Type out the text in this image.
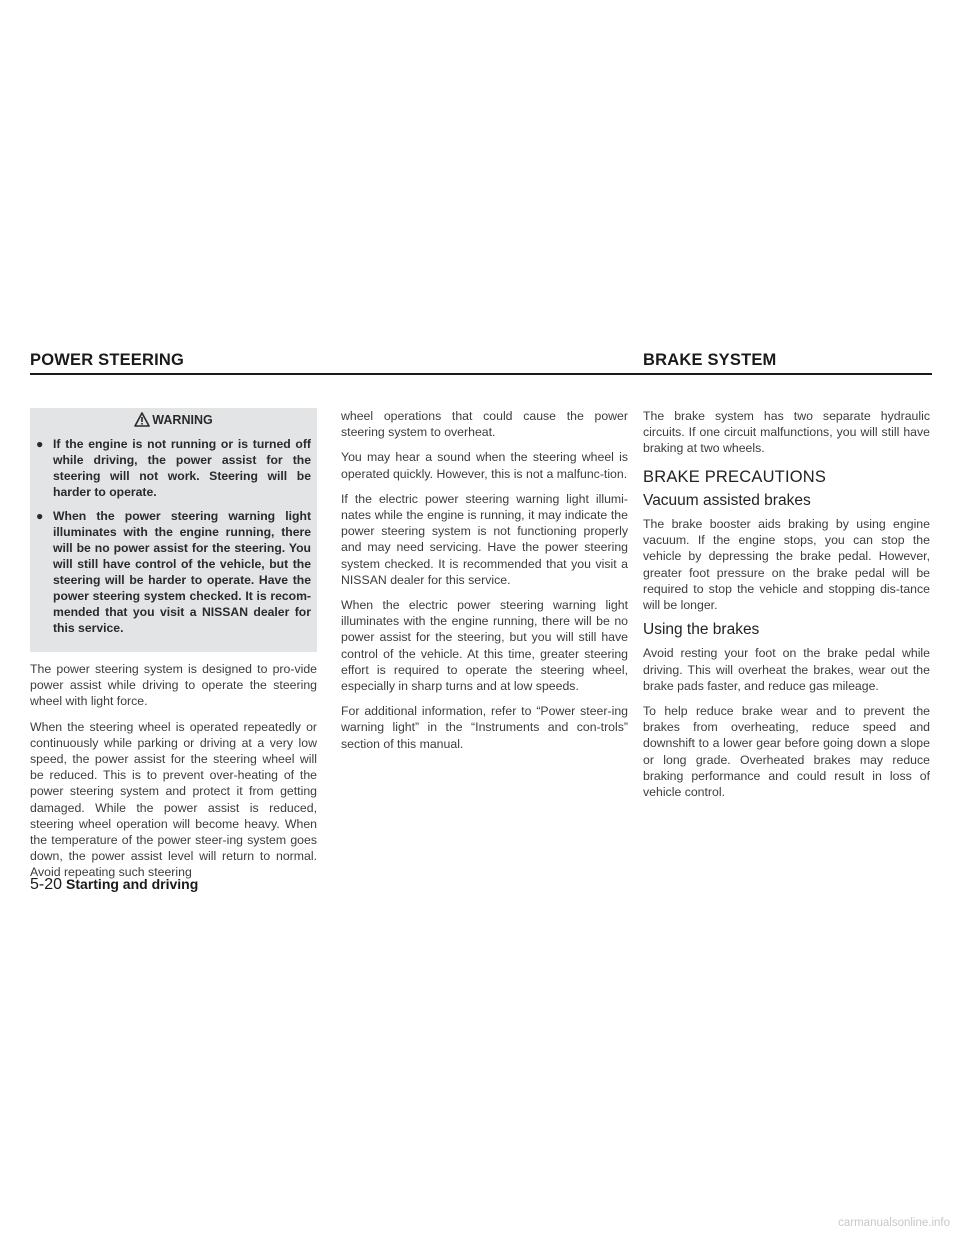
POWER STEERING	BRAKE SYSTEM
WARNING
● If the engine is not running or is turned off while driving, the power assist for the steering will not work. Steering will be harder to operate.
● When the power steering warning light illuminates with the engine running, there will be no power assist for the steering. You will still have control of the vehicle, but the steering will be harder to operate. Have the power steering system checked. It is recom-mended that you visit a NISSAN dealer for this service.

The power steering system is designed to pro-vide power assist while driving to operate the steering wheel with light force.

When the steering wheel is operated repeatedly or continuously while parking or driving at a very low speed, the power assist for the steering wheel will be reduced. This is to prevent over-heating of the power steering system and protect it from getting damaged. While the power assist is reduced, steering wheel operation will become heavy. When the temperature of the power steer-ing system goes down, the power assist level will return to normal. Avoid repeating such steering

wheel operations that could cause the power steering system to overheat.

You may hear a sound when the steering wheel is operated quickly. However, this is not a malfunc-tion.

If the electric power steering warning light illumi-nates while the engine is running, it may indicate the power steering system is not functioning properly and may need servicing. Have the power steering system checked. It is recommended that you visit a NISSAN dealer for this service.

When the electric power steering warning light illuminates with the engine running, there will be no power assist for the steering, but you will still have control of the vehicle. At this time, greater steering effort is required to operate the steering wheel, especially in sharp turns and at low speeds.

For additional information, refer to “Power steer-ing warning light” in the “Instruments and con-trols” section of this manual.

The brake system has two separate hydraulic circuits. If one circuit malfunctions, you will still have braking at two wheels.

BRAKE PRECAUTIONS
Vacuum assisted brakes

The brake booster aids braking by using engine vacuum. If the engine stops, you can stop the vehicle by depressing the brake pedal. However, greater foot pressure on the brake pedal will be required to stop the vehicle and stopping dis-tance will be longer.

Using the brakes

Avoid resting your foot on the brake pedal while driving. This will overheat the brakes, wear out the brake pads faster, and reduce gas mileage.

To help reduce brake wear and to prevent the brakes from overheating, reduce speed and downshift to a lower gear before going down a slope or long grade. Overheated brakes may reduce braking performance and could result in loss of vehicle control.

5-20 Starting and driving
carmanualsonline.info
